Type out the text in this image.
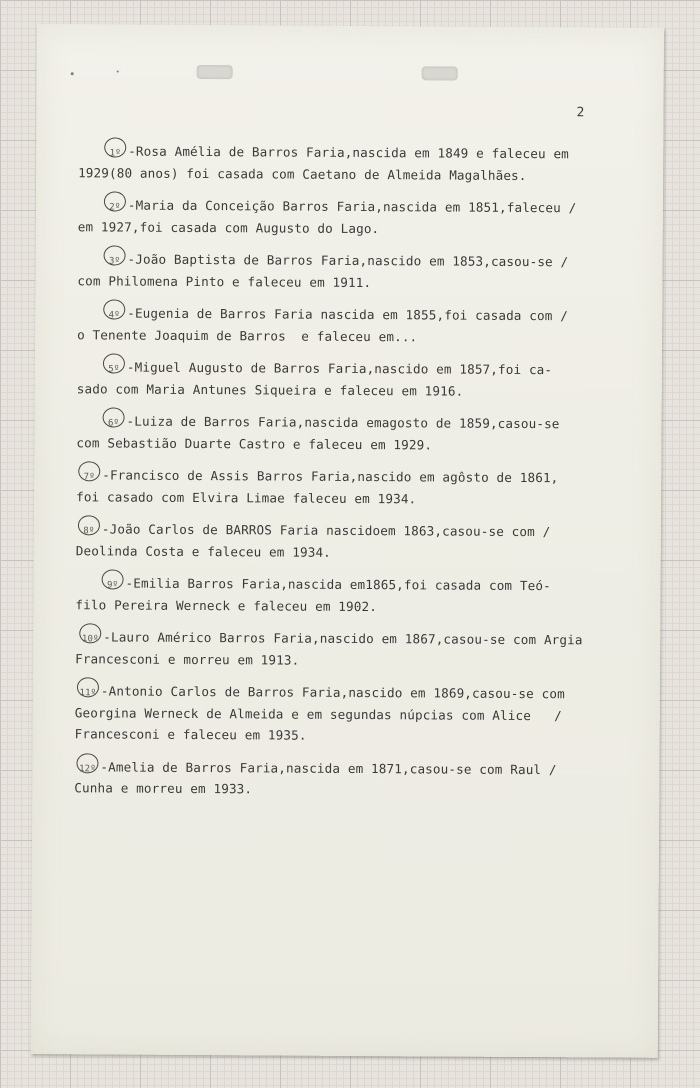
2
1º -Rosa Amélia de Barros Faria,nascida em 1849 e faleceu em
1929(80 anos) foi casada com Caetano de Almeida Magalhães.
2º -Maria da Conceição Barros Faria,nascida em 1851,faleceu /
em 1927,foi casada com Augusto do Lago.
3º -João Baptista de Barros Faria,nascido em 1853,casou-se /
com Philomena Pinto e faleceu em 1911.
4º -Eugenia de Barros Faria nascida em 1855,foi casada com /
o Tenente Joaquim de Barros  e faleceu em...
5º -Miguel Augusto de Barros Faria,nascido em 1857,foi ca-
sado com Maria Antunes Siqueira e faleceu em 1916.
6º -Luiza de Barros Faria,nascida emagosto de 1859,casou-se
com Sebastião Duarte Castro e faleceu em 1929.
7º -Francisco de Assis Barros Faria,nascido em agôsto de 1861,
foi casado com Elvira Limae faleceu em 1934.
8º -João Carlos de BARROS Faria nascidoem 1863,casou-se com /
Deolinda Costa e faleceu em 1934.
9º -Emilia Barros Faria,nascida em1865,foi casada com Teó-
filo Pereira Werneck e faleceu em 1902.
10º -Lauro Américo Barros Faria,nascido em 1867,casou-se com Argia
Francesconi e morreu em 1913.
11º -Antonio Carlos de Barros Faria,nascido em 1869,casou-se com
Georgina Werneck de Almeida e em segundas núpcias com Alice   /
Francesconi e faleceu em 1935.
12º -Amelia de Barros Faria,nascida em 1871,casou-se com Raul /
Cunha e morreu em 1933.
